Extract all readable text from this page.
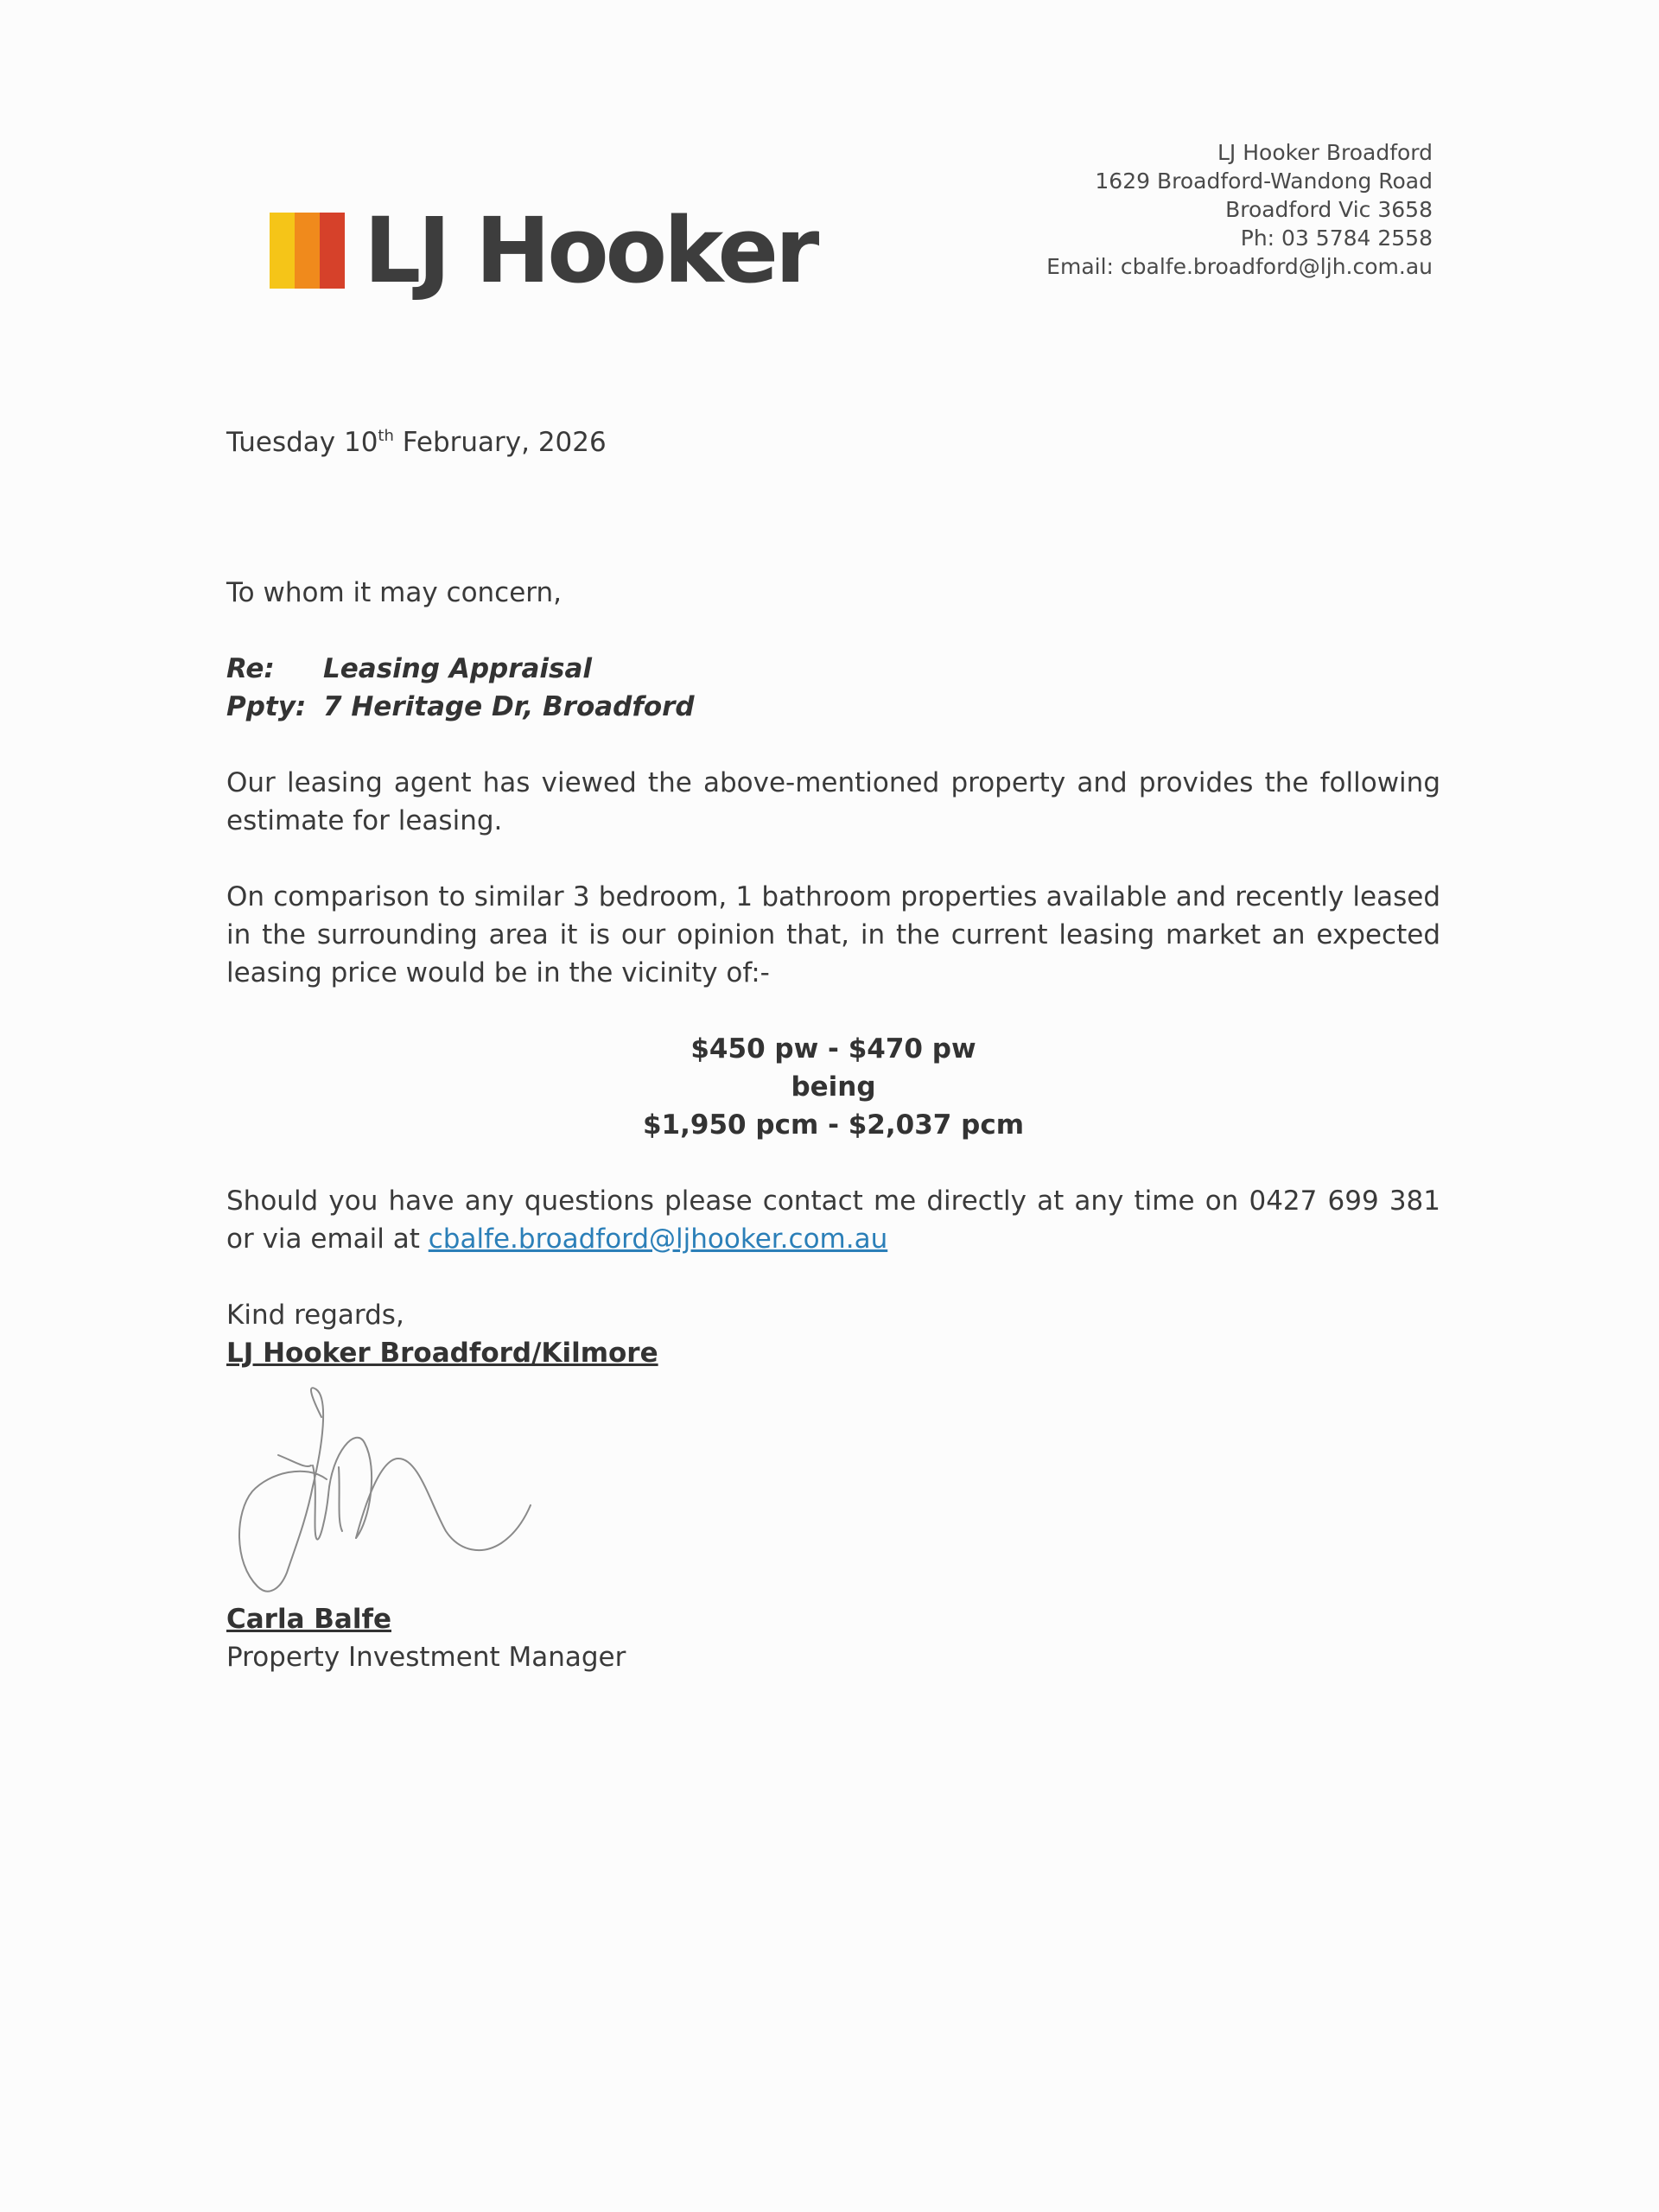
LJ Hooker
LJ Hooker Broadford
1629 Broadford-Wandong Road
Broadford Vic 3658
Ph: 03 5784 2558
Email: cbalfe.broadford@ljh.com.au
Tuesday 10th February, 2026
To whom it may concern,
Re:	Leasing Appraisal
Ppty: 7 Heritage Dr, Broadford
Our leasing agent has viewed the above-mentioned property and provides the following estimate for leasing.
On comparison to similar 3 bedroom, 1 bathroom properties available and recently leased in the surrounding area it is our opinion that, in the current leasing market an expected leasing price would be in the vicinity of:-
$450 pw - $470 pw
being
$1,950 pcm - $2,037 pcm
Should you have any questions please contact me directly at any time on 0427 699 381 or via email at cbalfe.broadford@ljhooker.com.au
Kind regards,
LJ Hooker Broadford/Kilmore
Carla Balfe
Property Investment Manager
